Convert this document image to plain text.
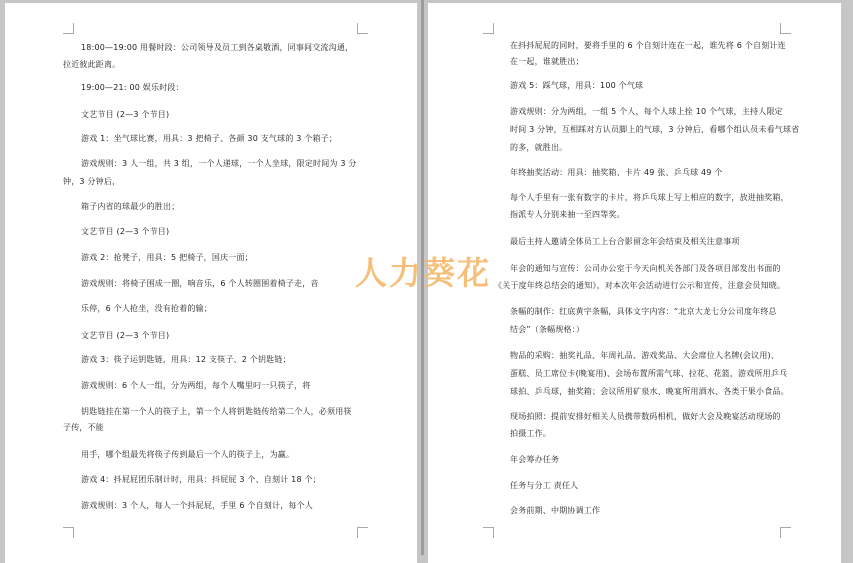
18:00—19:00 用餐时段：公司领导及员工到各桌敬酒，同事间交流沟通，
拉近彼此距离。
19:00—21: 00 娱乐时段：
文艺节目 (2—3 个节目)
游戏 1：坐气球比赛，用具：3 把椅子、各颜 30 支气球的 3 个箱子；
游戏规则：3 人一组，共 3 组，一个人递球，一个人坐球，限定时间为 3 分
钟，3 分钟后，
箱子内省的球最少的胜出；
文艺节目 (2—3 个节目)
游戏 2：抢凳子，用具：5 把椅子，国庆一面；
游戏规则：将椅子围成一圈，响音乐，6 个人转圈围着椅子走，音
乐停，6 个人抢坐，没有抢着的输；
文艺节目 (2—3 个节目)
游戏 3：筷子运钥匙链，用具：12 支筷子、2 个钥匙链；
游戏规则：6 个人一组，分为两组，每个人嘴里叼一只筷子，将
钥匙链挂在第一个人的筷子上，第一个人将钥匙链传给第二个人，必须用筷
子传，不能
用手，哪个组最先将筷子传到最后一个人的筷子上，为赢。
游戏 4：抖屁屁团乐制计时，用具：抖屁屁 3 个、自刻计 18 个；
游戏规则：3 个人，每人一个抖屁屁，手里 6 个自刻计，每个人
在抖抖屁屁的同时，要将手里的 6 个自刻计连在一起，谁先将 6 个自刻计连
在一起，谁就胜出；
游戏 5：踩气球，用具：100 个气球
游戏规则：分为两组，一组 5 个人，每个人球上拴 10 个气球，主持人限定
时间 3 分钟，互相踩对方认员脚上的气球，3 分钟后，看哪个组认员未看气球省
的多，就胜出。
年终抽奖活动：用具：抽奖箱、卡片 49 张、乒乓球 49 个
每个人手里有一张有数字的卡片，将乒乓球上写上相应的数字，放进抽奖箱，
指派专人分别来抽一至四等奖。
最后主持人邀请全体员工上台合影留念年会结束及相关注意事项
年会的通知与宣传：公司办公室于今天向机关各部门及各项目部发出书面的
《关于度年终总结会的通知》，对本次年会活动进行公示和宣传，注意会员知晓。
条幅的制作：红底黄字条幅，具体文字内容：“北京大龙七分公司度年终总
结会”（条幅规格：）
物品的采购：抽奖礼品、年周礼品、游戏奖品、大会席位人名牌(会议用)、
蛋糕、员工席位卡(晚宴用)、会场布置所需气球、拉花、花篮，游戏所用乒乓
球拍、乒乓球，抽奖箱；会议所用矿泉水、晚宴所用酒水、各类干果小食品。
现场拍照：提前安排好相关人员携带数码相机，做好大会及晚宴活动现场的
拍摄工作。
年会筹办任务
任务与分工 责任人
会务前期、中期协调工作
人力葵花
